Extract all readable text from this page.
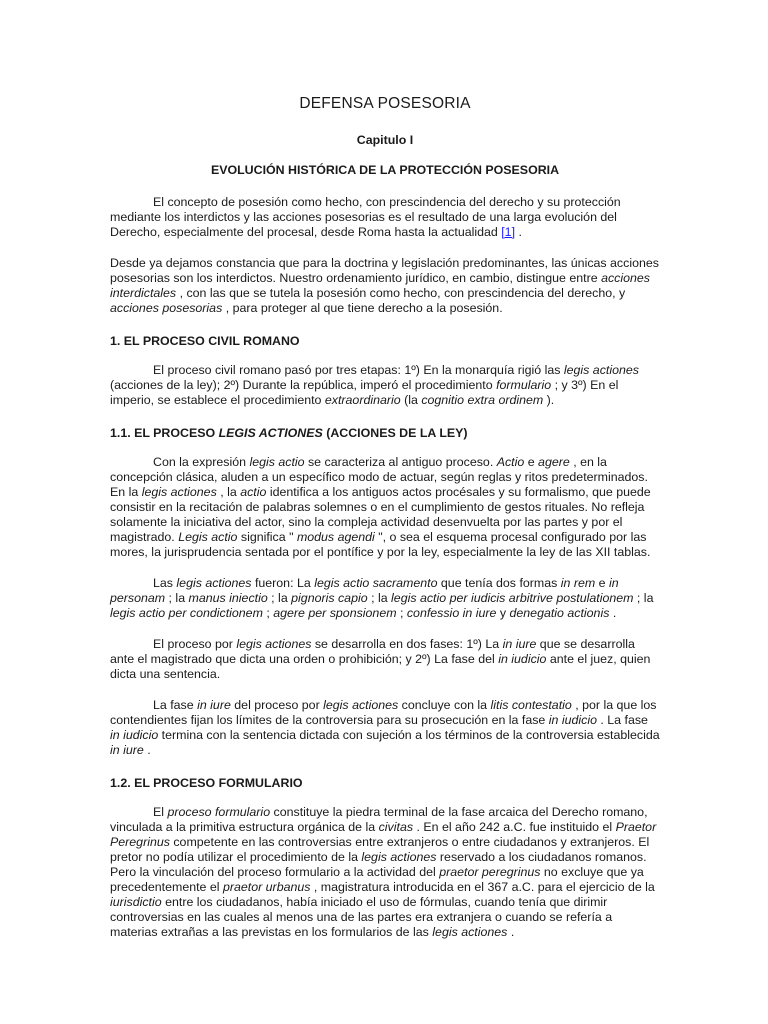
DEFENSA POSESORIA
Capitulo I
EVOLUCIÓN HISTÓRICA DE LA PROTECCIÓN POSESORIA

El concepto de posesión como hecho, con prescindencia del derecho y su protección mediante los interdictos y las acciones posesorias es el resultado de una larga evolución del Derecho, especialmente del procesal, desde Roma hasta la actualidad [1] .

Desde ya dejamos constancia que para la doctrina y legislación predominantes, las únicas acciones posesorias son los interdictos. Nuestro ordenamiento jurídico, en cambio, distingue entre acciones interdictales , con las que se tutela la posesión como hecho, con prescindencia del derecho, y acciones posesorias , para proteger al que tiene derecho a la posesión.

1. EL PROCESO CIVIL ROMANO

El proceso civil romano pasó por tres etapas: 1º) En la monarquía rigió las legis actiones (acciones de la ley); 2º) Durante la república, imperó el procedimiento formulario ; y 3º) En el imperio, se establece el procedimiento extraordinario (la cognitio extra ordinem ).

1.1. EL PROCESO LEGIS ACTIONES (ACCIONES DE LA LEY)

Con la expresión legis actio se caracteriza al antiguo proceso. Actio e agere , en la concepción clásica, aluden a un específico modo de actuar, según reglas y ritos predeterminados. En la legis actiones , la actio identifica a los antiguos actos procésales y su formalismo, que puede consistir en la recitación de palabras solemnes o en el cumplimiento de gestos rituales. No refleja solamente la iniciativa del actor, sino la compleja actividad desenvuelta por las partes y por el magistrado. Legis actio significa " modus agendi ", o sea el esquema procesal configurado por las mores, la jurisprudencia sentada por el pontífice y por la ley, especialmente la ley de las XII tablas.

Las legis actiones fueron: La legis actio sacramento que tenía dos formas in rem e in personam ; la manus iniectio ; la pignoris capio ; la legis actio per iudicis arbitrive postulationem ; la legis actio per condictionem ; agere per sponsionem ; confessio in iure y denegatio actionis .

El proceso por legis actiones se desarrolla en dos fases: 1º) La in iure que se desarrolla ante el magistrado que dicta una orden o prohibición; y 2º) La fase del in iudicio ante el juez, quien dicta una sentencia.

La fase in iure del proceso por legis actiones concluye con la litis contestatio , por la que los contendientes fijan los límites de la controversia para su prosecución en la fase in iudicio . La fase in iudicio termina con la sentencia dictada con sujeción a los términos de la controversia establecida in iure .

1.2. EL PROCESO FORMULARIO

El proceso formulario constituye la piedra terminal de la fase arcaica del Derecho romano, vinculada a la primitiva estructura orgánica de la civitas . En el año 242 a.C. fue instituido el Praetor Peregrinus competente en las controversias entre extranjeros o entre ciudadanos y extranjeros. El pretor no podía utilizar el procedimiento de la legis actiones reservado a los ciudadanos romanos. Pero la vinculación del proceso formulario a la actividad del praetor peregrinus no excluye que ya precedentemente el praetor urbanus , magistratura introducida en el 367 a.C. para el ejercicio de la iurisdictio entre los ciudadanos, había iniciado el uso de fórmulas, cuando tenía que dirimir controversias en las cuales al menos una de las partes era extranjera o cuando se refería a materias extrañas a las previstas en los formularios de las legis actiones .
